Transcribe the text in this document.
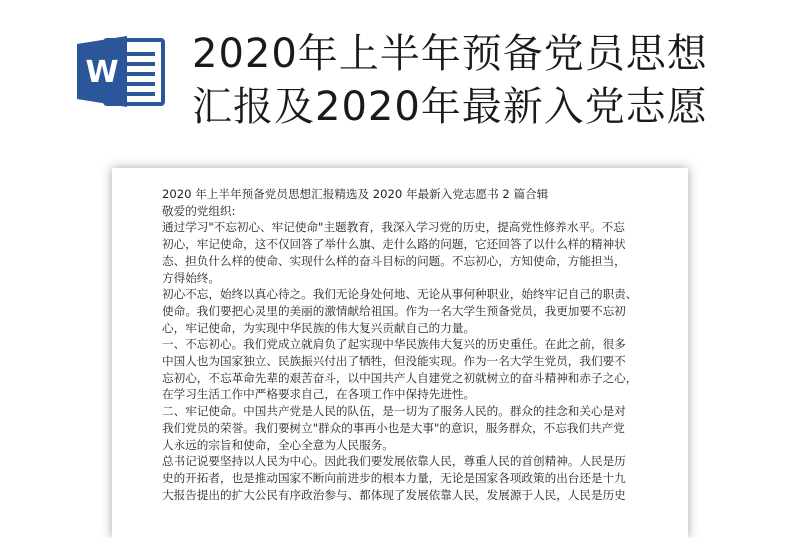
W 2020年上半年预备党员思想
汇报及2020年最新入党志愿
2020 年上半年预备党员思想汇报精选及 2020 年最新入党志愿书 2 篇合辑
敬爱的党组织:
通过学习"不忘初心、牢记使命"主题教育，我深入学习党的历史，提高党性修养水平。不忘
初心，牢记使命，这不仅回答了举什么旗、走什么路的问题，它还回答了以什么样的精神状
态、担负什么样的使命、实现什么样的奋斗目标的问题。不忘初心，方知使命，方能担当，
方得始终。
初心不忘，始终以真心待之。我们无论身处何地、无论从事何种职业，始终牢记自己的职责、
使命。我们要把心灵里的美丽的激情献给祖国。作为一名大学生预备党员，我更加要不忘初
心，牢记使命，为实现中华民族的伟大复兴贡献自己的力量。
一、不忘初心。我们党成立就肩负了起实现中华民族伟大复兴的历史重任。在此之前，很多
中国人也为国家独立、民族振兴付出了牺牲，但没能实现。作为一名大学生党员，我们要不
忘初心，不忘革命先辈的艰苦奋斗，以中国共产人自建党之初就树立的奋斗精神和赤子之心，
在学习生活工作中严格要求自己，在各项工作中保持先进性。
二、牢记使命。中国共产党是人民的队伍，是一切为了服务人民的。群众的挂念和关心是对
我们党员的荣誉。我们要树立"群众的事再小也是大事"的意识，服务群众，不忘我们共产党
人永远的宗旨和使命，全心全意为人民服务。
总书记说要坚持以人民为中心。因此我们要发展依靠人民，尊重人民的首创精神。人民是历
史的开拓者，也是推动国家不断向前进步的根本力量，无论是国家各项政策的出台还是十九
大报告提出的扩大公民有序政治参与、都体现了发展依靠人民，发展源于人民，人民是历史
